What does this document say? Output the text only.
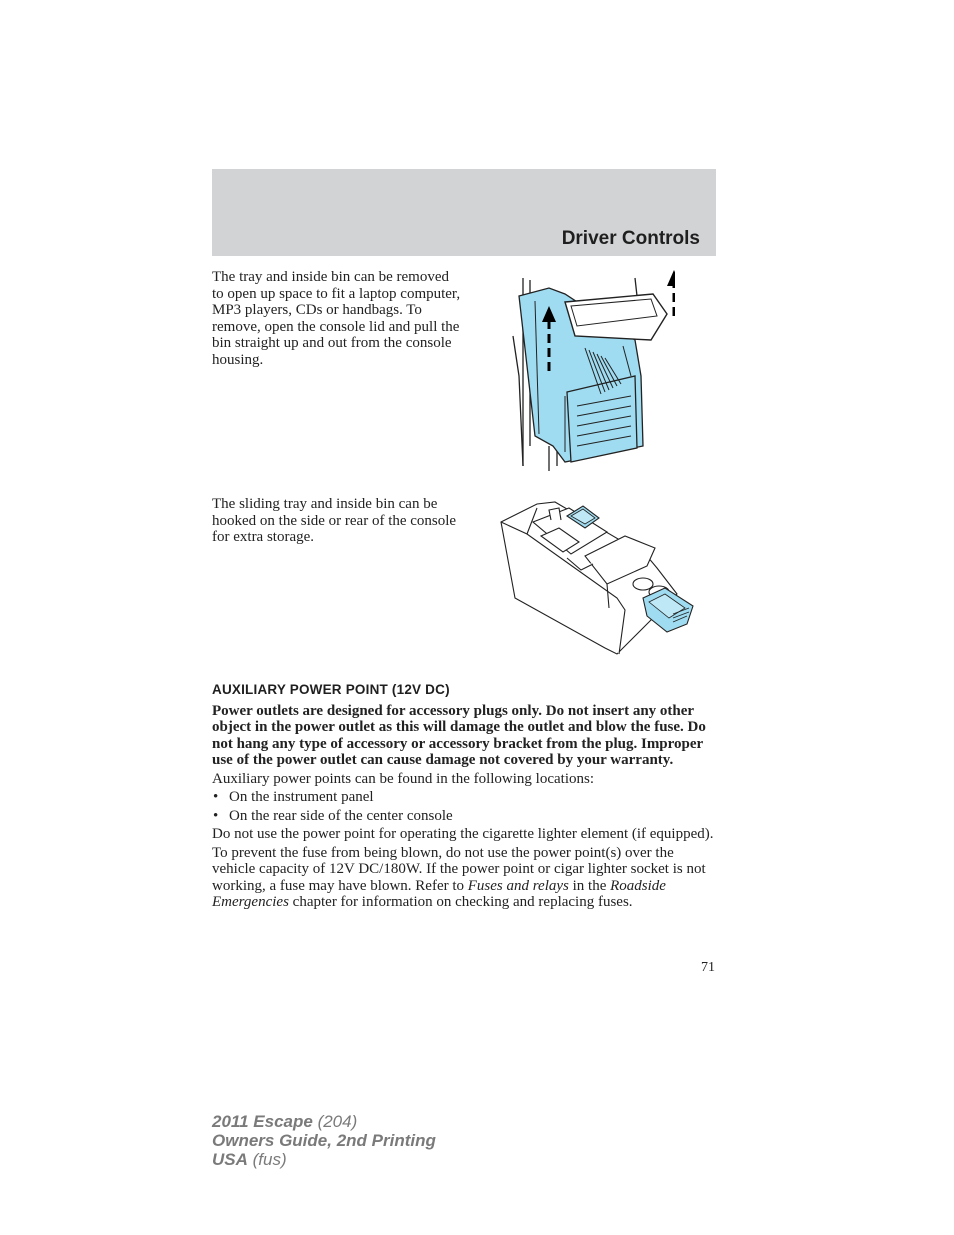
Driver Controls

The tray and inside bin can be removed to open up space to fit a laptop computer, MP3 players, CDs or handbags. To remove, open the console lid and pull the bin straight up and out from the console housing.

The sliding tray and inside bin can be hooked on the side or rear of the console for extra storage.

AUXILIARY POWER POINT (12V DC)

Power outlets are designed for accessory plugs only. Do not insert any other object in the power outlet as this will damage the outlet and blow the fuse. Do not hang any type of accessory or accessory bracket from the plug. Improper use of the power outlet can cause damage not covered by your warranty.

Auxiliary power points can be found in the following locations:

• On the instrument panel
• On the rear side of the center console

Do not use the power point for operating the cigarette lighter element (if equipped).

To prevent the fuse from being blown, do not use the power point(s) over the vehicle capacity of 12V DC/180W. If the power point or cigar lighter socket is not working, a fuse may have blown. Refer to Fuses and relays in the Roadside Emergencies chapter for information on checking and replacing fuses.

71
2011 Escape (204)
Owners Guide, 2nd Printing
USA (fus)
